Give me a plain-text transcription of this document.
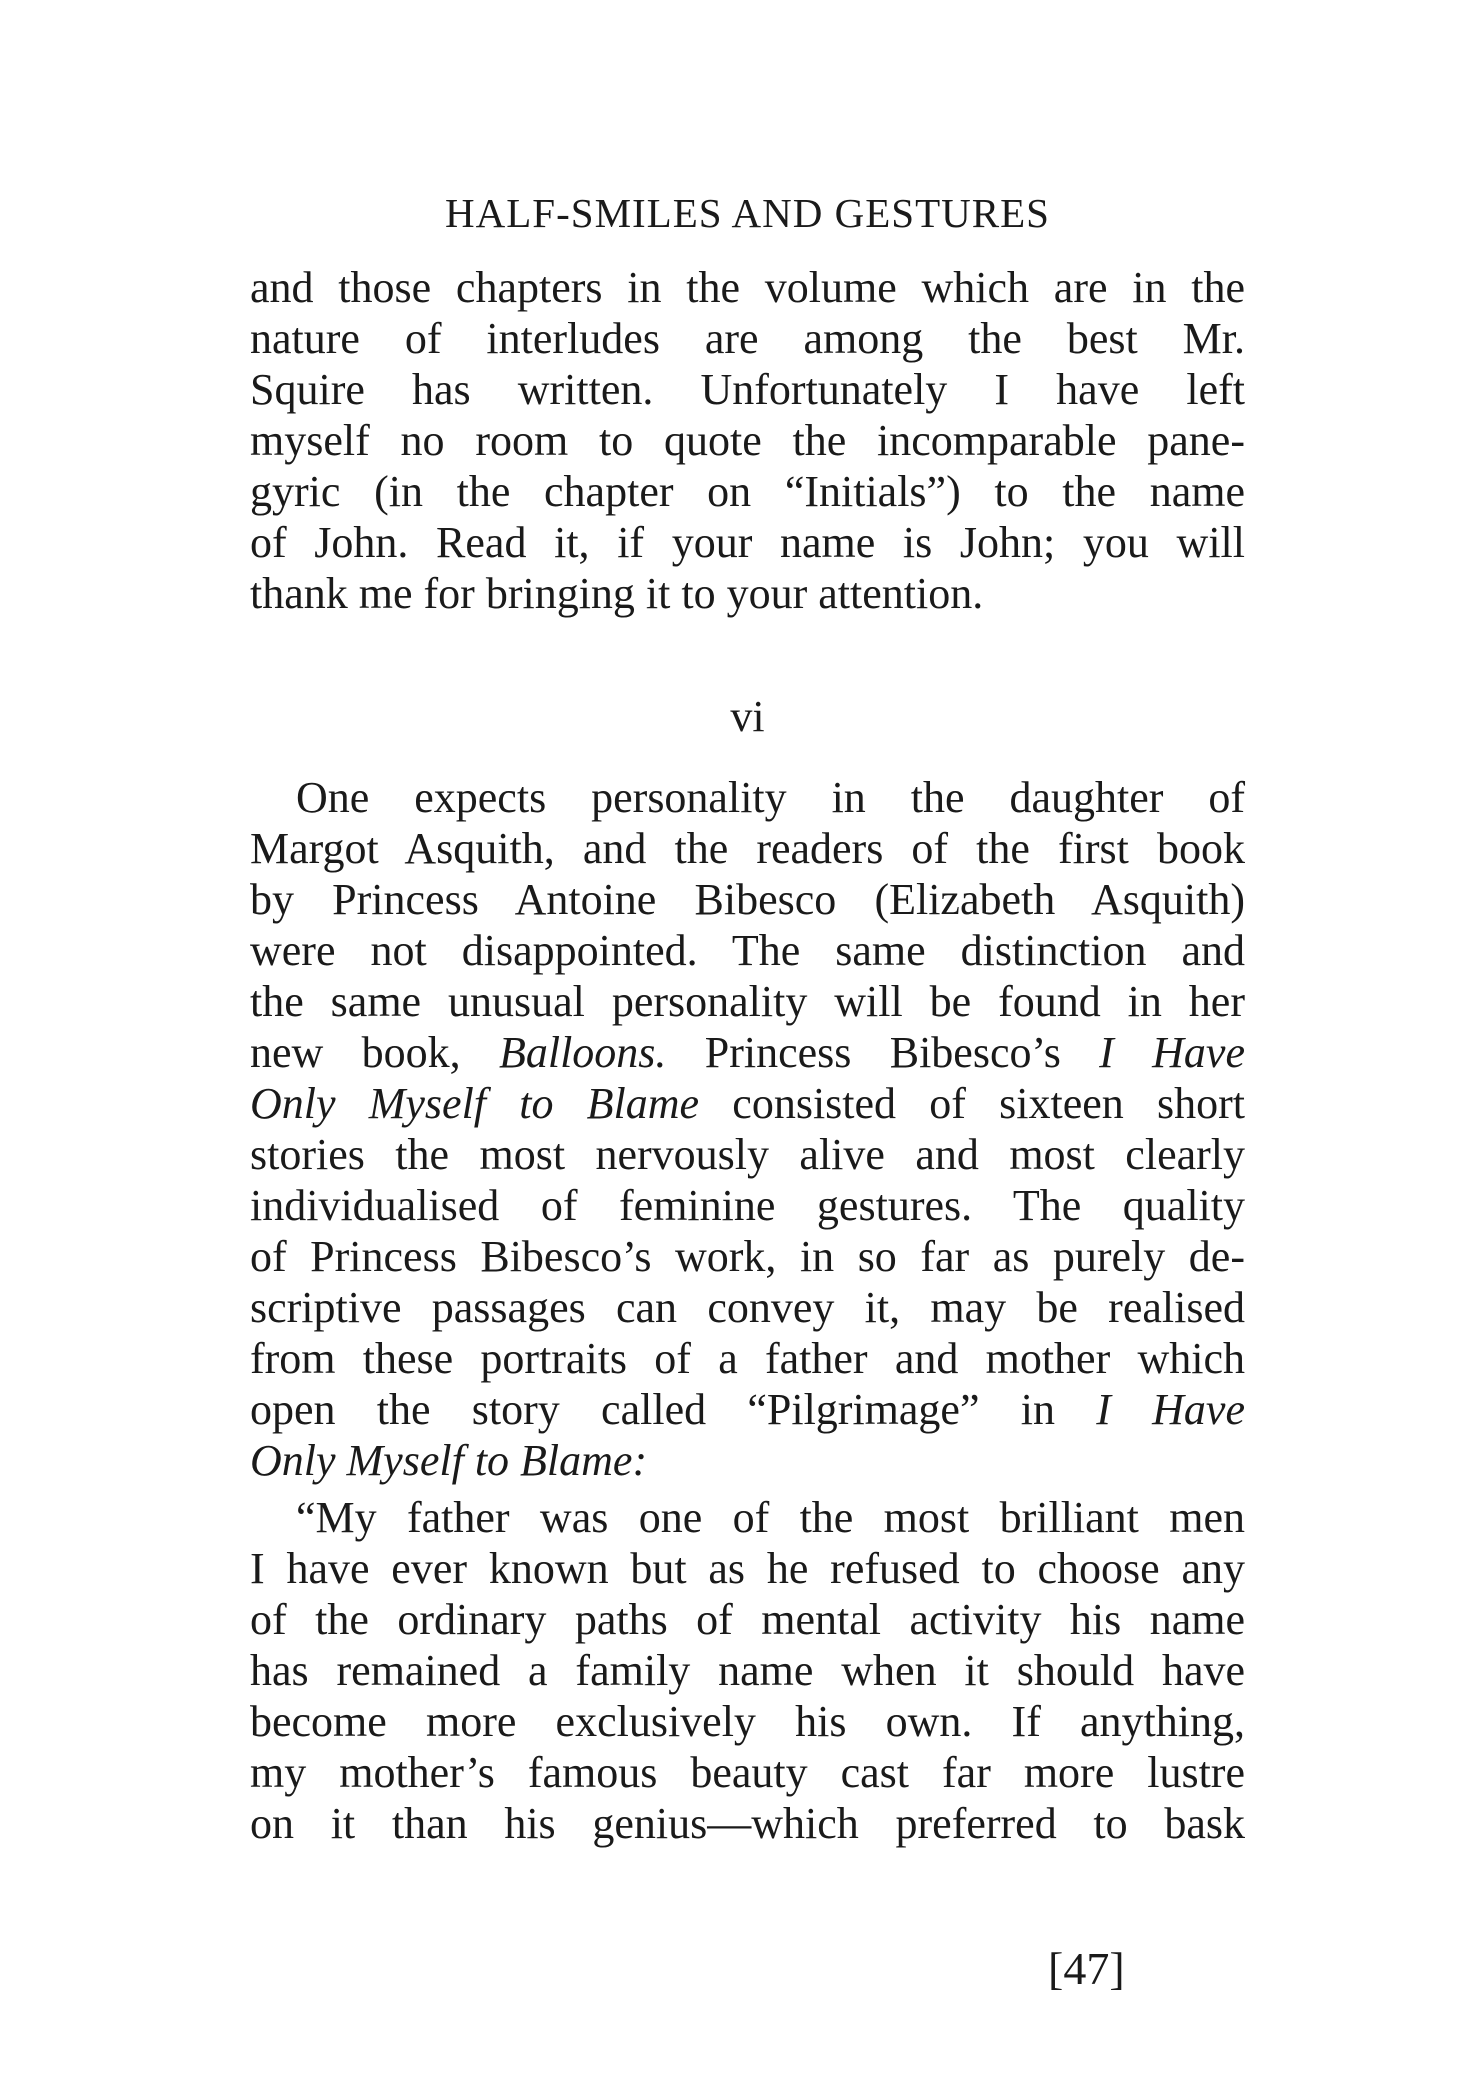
HALF-SMILES AND GESTURES

and those chapters in the volume which are in the

nature of interludes are among the best Mr.

Squire has written. Unfortunately I have left

myself no room to quote the incomparable pane-

gyric (in the chapter on “Initials”) to the name

of John. Read it, if your name is John; you will

thank me for bringing it to your attention.

vi

One expects personality in the daughter of

Margot Asquith, and the readers of the first book

by Princess Antoine Bibesco (Elizabeth Asquith)

were not disappointed. The same distinction and

the same unusual personality will be found in her

new book, Balloons. Princess Bibesco’s I Have

Only Myself to Blame consisted of sixteen short

stories the most nervously alive and most clearly

individualised of feminine gestures. The quality

of Princess Bibesco’s work, in so far as purely de-

scriptive passages can convey it, may be realised

from these portraits of a father and mother which

open the story called “Pilgrimage” in I Have

Only Myself to Blame:

“My father was one of the most brilliant men

I have ever known but as he refused to choose any

of the ordinary paths of mental activity his name

has remained a family name when it should have

become more exclusively his own. If anything,

my mother’s famous beauty cast far more lustre

on it than his genius—which preferred to bask

[47]
